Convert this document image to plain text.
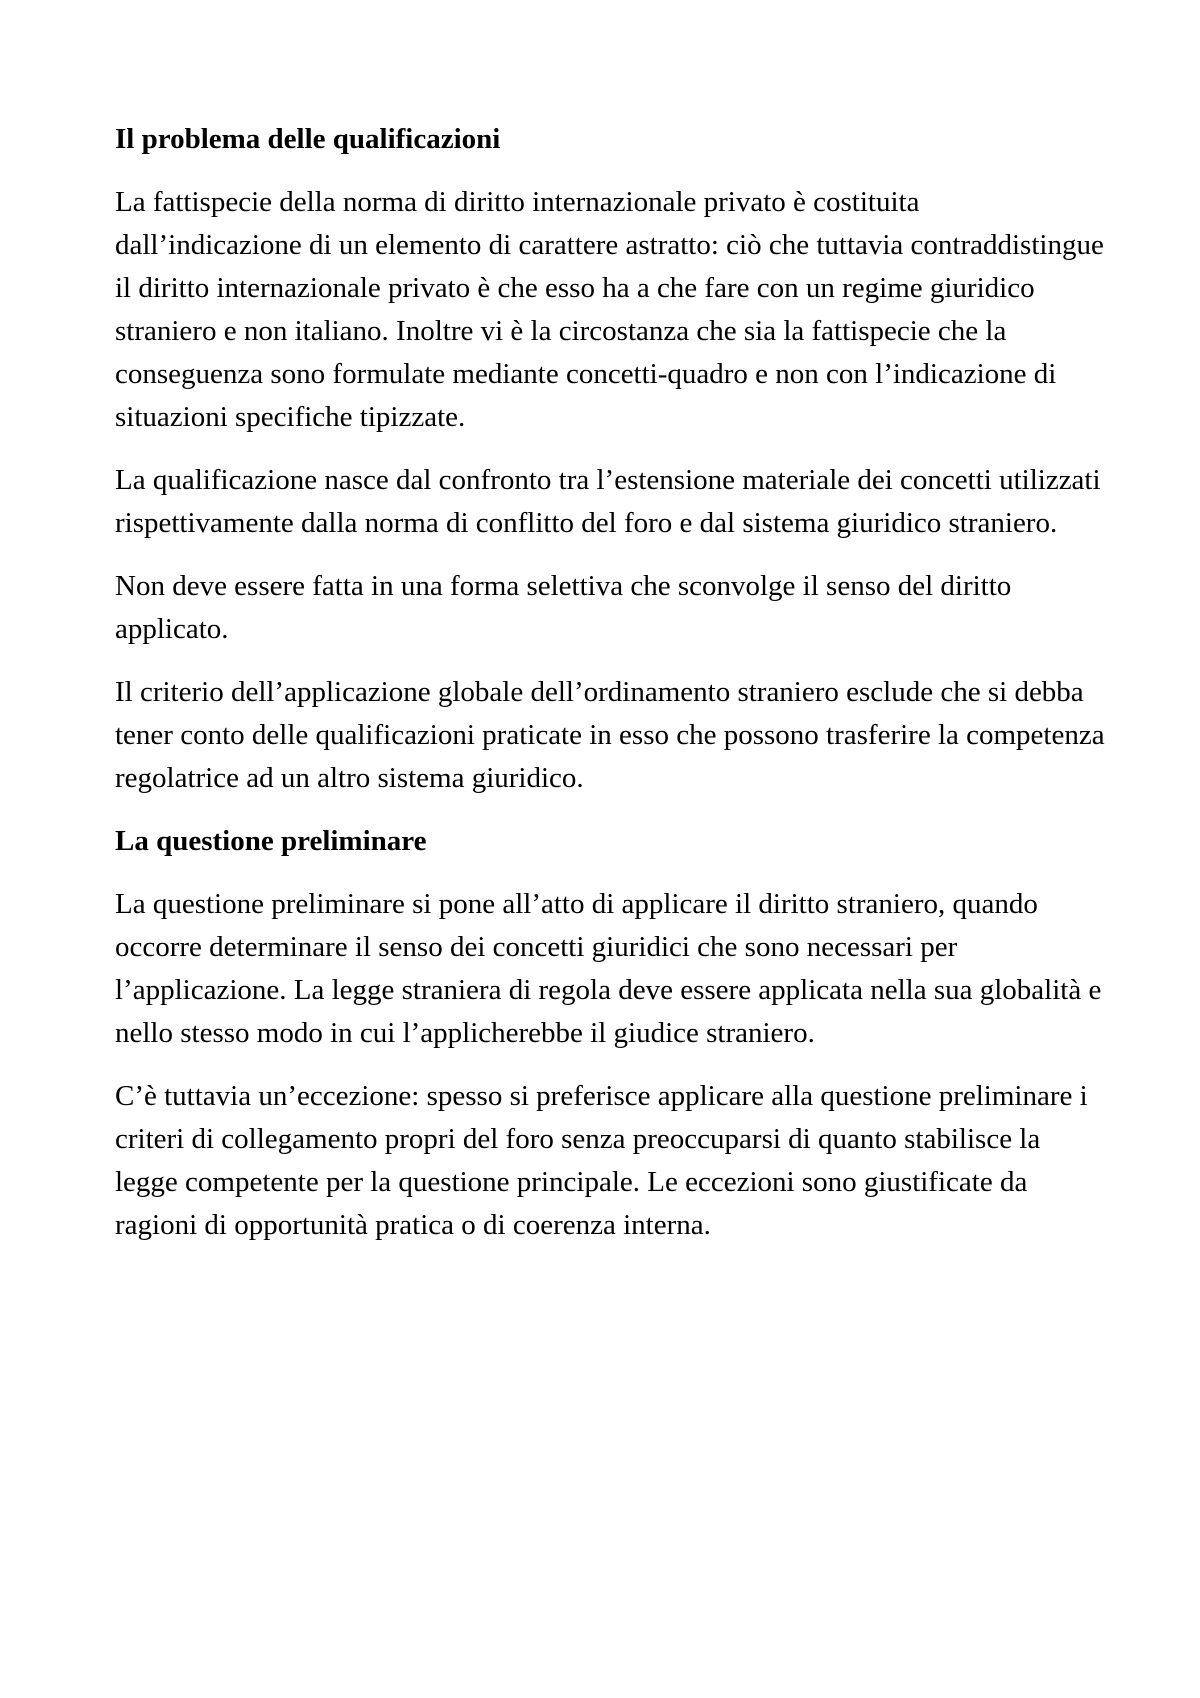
Il problema delle qualificazioni

La fattispecie della norma di diritto internazionale privato è costituita dall’indicazione di un elemento di carattere astratto: ciò che tuttavia contraddistingue il diritto internazionale privato è che esso ha a che fare con un regime giuridico straniero e non italiano. Inoltre vi è la circostanza che sia la fattispecie che la conseguenza sono formulate mediante concetti-quadro e non con l’indicazione di situazioni specifiche tipizzate.

La qualificazione nasce dal confronto tra l’estensione materiale dei concetti utilizzati rispettivamente dalla norma di conflitto del foro e dal sistema giuridico straniero.

Non deve essere fatta in una forma selettiva che sconvolge il senso del diritto applicato.

Il criterio dell’applicazione globale dell’ordinamento straniero esclude che si debba tener conto delle qualificazioni praticate in esso che possono trasferire la competenza regolatrice ad un altro sistema giuridico.

La questione preliminare

La questione preliminare si pone all’atto di applicare il diritto straniero, quando occorre determinare il senso dei concetti giuridici che sono necessari per l’applicazione. La legge straniera di regola deve essere applicata nella sua globalità e nello stesso modo in cui l’applicherebbe il giudice straniero.

C’è tuttavia un’eccezione: spesso si preferisce applicare alla questione preliminare i criteri di collegamento propri del foro senza preoccuparsi di quanto stabilisce la legge competente per la questione principale. Le eccezioni sono giustificate da ragioni di opportunità pratica o di coerenza interna.
